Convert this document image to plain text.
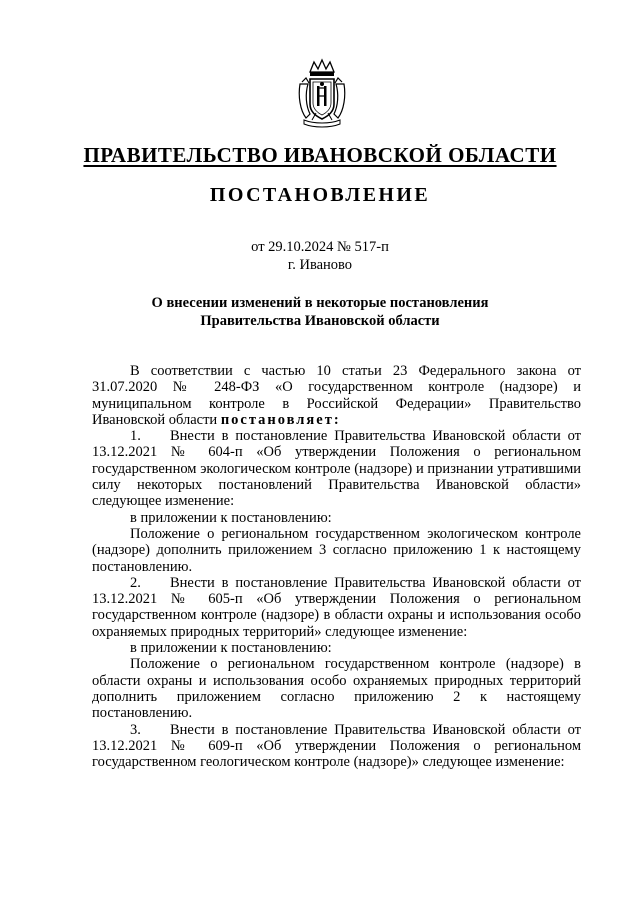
ПРАВИТЕЛЬСТВО ИВАНОВСКОЙ ОБЛАСТИ
ПОСТАНОВЛЕНИЕ
от 29.10.2024 № 517-п
г. Иваново
О внесении изменений в некоторые постановления
Правительства Ивановской области

В соответствии с частью 10 статьи 23 Федерального закона от 31.07.2020 № 248-ФЗ «О государственном контроле (надзоре) и муниципальном контроле в Российской Федерации» Правительство Ивановской области постановляет:

1. Внести в постановление Правительства Ивановской области от 13.12.2021 № 604-п «Об утверждении Положения о региональном государственном экологическом контроле (надзоре) и признании утратившими силу некоторых постановлений Правительства Ивановской области» следующее изменение:

в приложении к постановлению:

Положение о региональном государственном экологическом контроле (надзоре) дополнить приложением 3 согласно приложению 1 к настоящему постановлению.

2. Внести в постановление Правительства Ивановской области от 13.12.2021 № 605-п «Об утверждении Положения о региональном государственном контроле (надзоре) в области охраны и использования особо охраняемых природных территорий» следующее изменение:

в приложении к постановлению:

Положение о региональном государственном контроле (надзоре) в области охраны и использования особо охраняемых природных территорий дополнить приложением согласно приложению 2 к настоящему постановлению.

3. Внести в постановление Правительства Ивановской области от 13.12.2021 № 609-п «Об утверждении Положения о региональном государственном геологическом контроле (надзоре)» следующее изменение:
